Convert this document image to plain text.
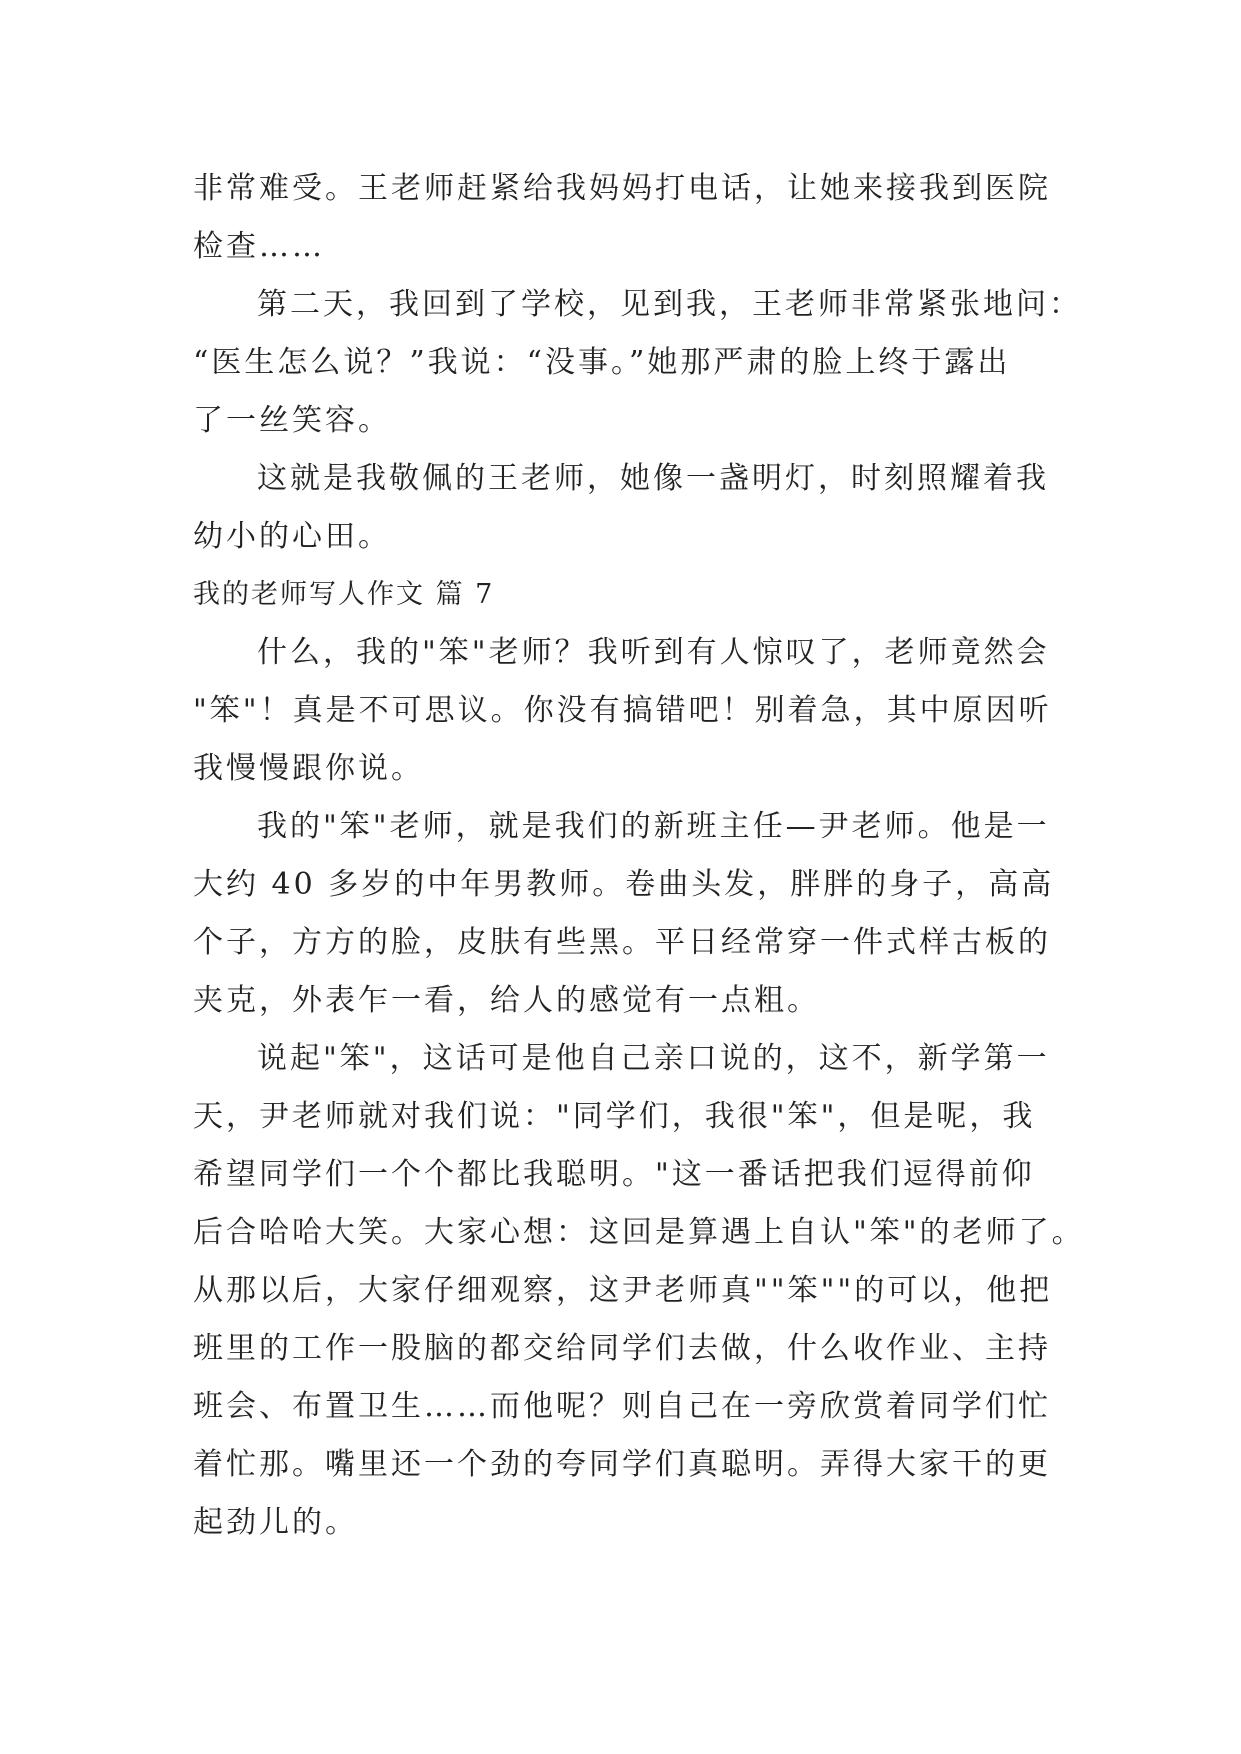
非常难受。王老师赶紧给我妈妈打电话，让她来接我到医院
检查……
第二天，我回到了学校，见到我，王老师非常紧张地问：
“医生怎么说？”我说：“没事。”她那严肃的脸上终于露出
了一丝笑容。
这就是我敬佩的王老师，她像一盏明灯，时刻照耀着我
幼小的心田。
我的老师写人作文 篇 7
什么，我的"笨"老师？我听到有人惊叹了，老师竟然会
"笨"！真是不可思议。你没有搞错吧！别着急，其中原因听
我慢慢跟你说。
我的"笨"老师，就是我们的新班主任—尹老师。他是一
大约 40 多岁的中年男教师。卷曲头发，胖胖的身子，高高
个子，方方的脸，皮肤有些黑。平日经常穿一件式样古板的
夹克，外表乍一看，给人的感觉有一点粗。
说起"笨"，这话可是他自己亲口说的，这不，新学第一
天，尹老师就对我们说："同学们，我很"笨"，但是呢，我
希望同学们一个个都比我聪明。"这一番话把我们逗得前仰
后合哈哈大笑。大家心想：这回是算遇上自认"笨"的老师了。
从那以后，大家仔细观察，这尹老师真""笨""的可以，他把
班里的工作一股脑的都交给同学们去做，什么收作业、主持
班会、布置卫生……而他呢？则自己在一旁欣赏着同学们忙
着忙那。嘴里还一个劲的夸同学们真聪明。弄得大家干的更
起劲儿的。
